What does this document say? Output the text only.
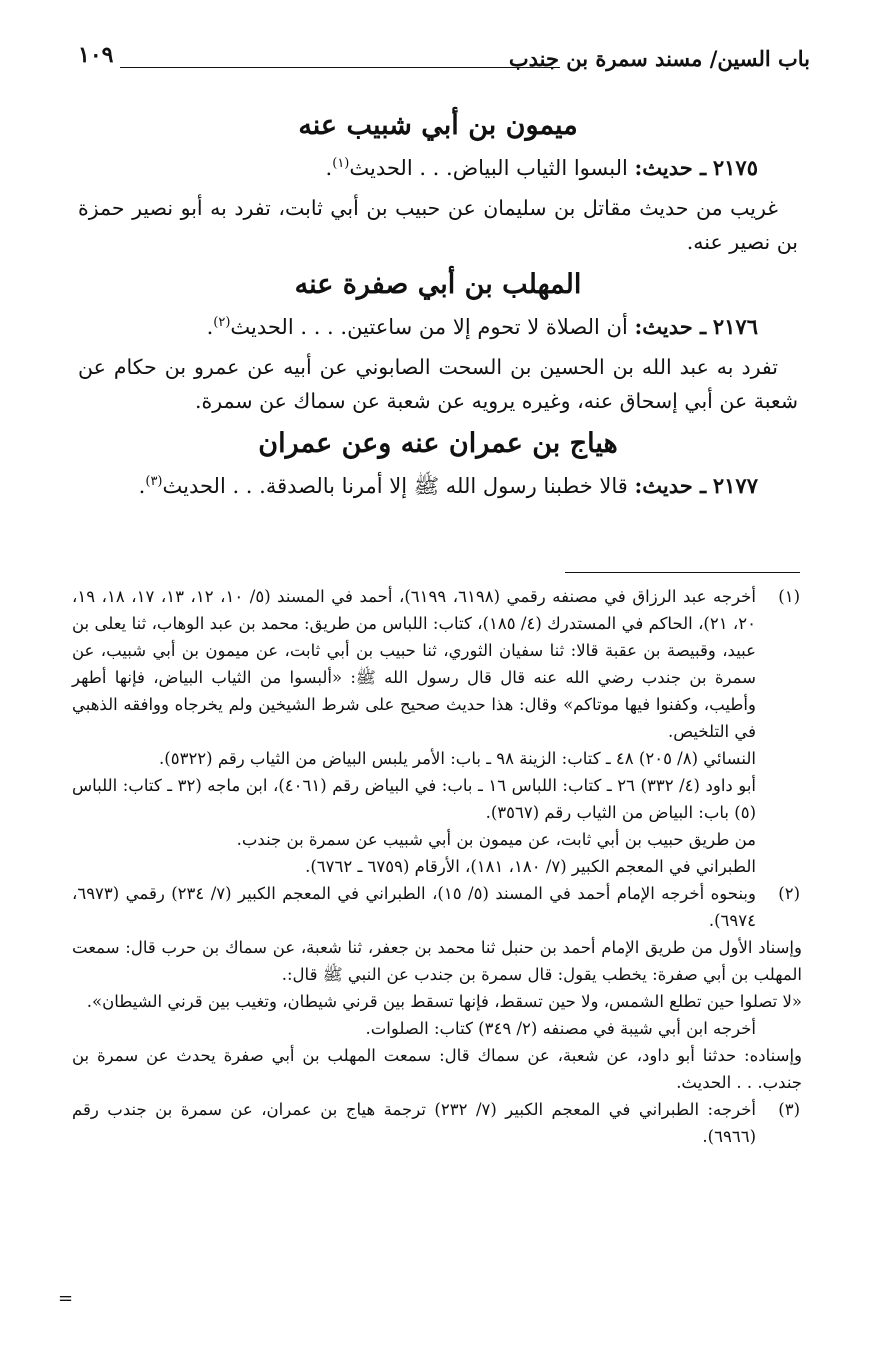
باب السين/ مسند سمرة بن جندب
١٠٩
ميمون بن أبي شبيب عنه

٢١٧٥ ـ حديث: البسوا الثياب البياض. . . الحديث$^{(١)}$.

غريب من حديث مقاتل بن سليمان عن حبيب بن أبي ثابت، تفرد به أبو نصير حمزة بن نصير عنه.

المهلب بن أبي صفرة عنه

٢١٧٦ ـ حديث: أن الصلاة لا تحوم إلا من ساعتين. . . . الحديث$^{(٢)}$.

تفرد به عبد الله بن الحسين بن السحت الصابوني عن أبيه عن عمرو بن حكام عن شعبة عن أبي إسحاق عنه، وغيره يرويه عن شعبة عن سماك عن سمرة.

هياج بن عمران عنه وعن عمران

٢١٧٧ ـ حديث: قالا خطبنا رسول الله ﷺ إلا أمرنا بالصدقة. . . الحديث$^{(٣)}$.

(١)

أخرجه عبد الرزاق في مصنفه رقمي (٦١٩٨، ٦١٩٩)، أحمد في المسند (٥/ ١٠، ١٢، ١٣، ١٧، ١٨، ١٩، ٢٠، ٢١)، الحاكم في المستدرك (٤/ ١٨٥)، كتاب: اللباس من طريق: محمد بن عبد الوهاب، ثنا يعلى بن عبيد، وقبيصة بن عقبة قالا: ثنا سفيان الثوري، ثنا حبيب بن أبي ثابت، عن ميمون بن أبي شبيب، عن سمرة بن جندب رضي الله عنه قال قال رسول الله ﷺ: «ألبسوا من الثياب البياض، فإنها أطهر وأطيب، وكفنوا فيها موتاكم» وقال: هذا حديث صحيح على شرط الشيخين ولم يخرجاه ووافقه الذهبي في التلخيص.

النسائي (٨/ ٢٠٥) ٤٨ ـ كتاب: الزينة ٩٨ ـ باب: الأمر يلبس البياض من الثياب رقم (٥٣٢٢).

أبو داود (٤/ ٣٣٢) ٢٦ ـ كتاب: اللباس ١٦ ـ باب: في البياض رقم (٤٠٦١)، ابن ماجه (٣٢ ـ كتاب: اللباس (٥) باب: البياض من الثياب رقم (٣٥٦٧).

من طريق حبيب بن أبي ثابت، عن ميمون بن أبي شبيب عن سمرة بن جندب.

الطبراني في المعجم الكبير (٧/ ١٨٠، ١٨١)، الأرقام (٦٧٥٩ ـ ٦٧٦٢).

(٢)

وبنحوه أخرجه الإمام أحمد في المسند (٥/ ١٥)، الطبراني في المعجم الكبير (٧/ ٢٣٤) رقمي (٦٩٧٣، ٦٩٧٤).

وإسناد الأول من طريق الإمام أحمد بن حنبل ثنا محمد بن جعفر، ثنا شعبة، عن سماك بن حرب قال: سمعت المهلب بن أبي صفرة: يخطب يقول: قال سمرة بن جندب عن النبي ﷺ قال:.

«لا تصلوا حين تطلع الشمس، ولا حين تسقط، فإنها تسقط بين قرني شيطان، وتغيب بين قرني الشيطان».

أخرجه ابن أبي شيبة في مصنفه (٢/ ٣٤٩) كتاب: الصلوات.

وإسناده: حدثنا أبو داود، عن شعبة، عن سماك قال: سمعت المهلب بن أبي صفرة يحدث عن سمرة بن جندب. . . الحديث.

(٣)

أخرجه: الطبراني في المعجم الكبير (٧/ ٢٣٢) ترجمة هياج بن عمران، عن سمرة بن جندب رقم (٦٩٦٦).

=
